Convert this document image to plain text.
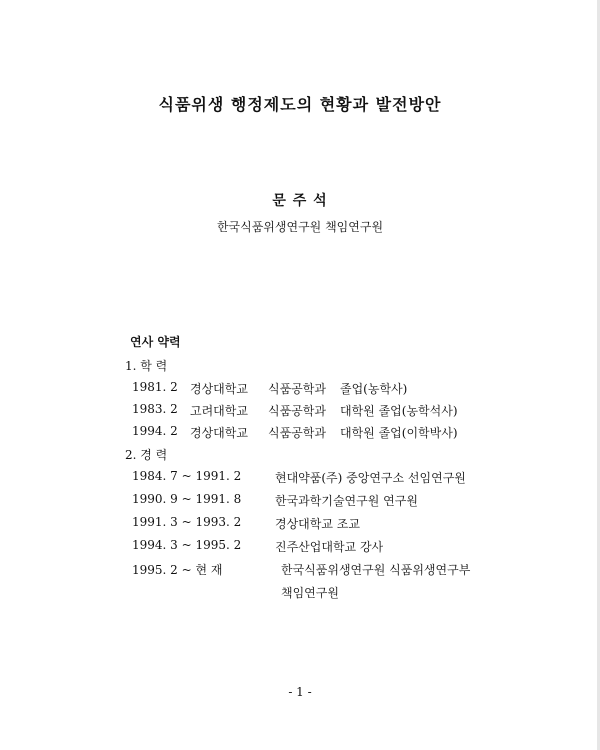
식품위생 행정제도의 현황과 발전방안
문 주 석
한국식품위생연구원 책임연구원
연사 약력
1. 학 력
1981. 2 경상대학교 식품공학과 졸업(농학사)
1983. 2 고려대학교 식품공학과 대학원 졸업(농학석사)
1994. 2 경상대학교 식품공학과 대학원 졸업(이학박사)
2. 경 력
1984. 7 ~ 1991. 2	현대약품(주) 중앙연구소 선임연구원
1990. 9 ~ 1991. 8	한국과학기술연구원 연구원
1991. 3 ~ 1993. 2	경상대학교 조교
1994. 3 ~ 1995. 2	진주산업대학교 강사
1995. 2 ~ 현 재	한국식품위생연구원 식품위생연구부
책임연구원
- 1 -
